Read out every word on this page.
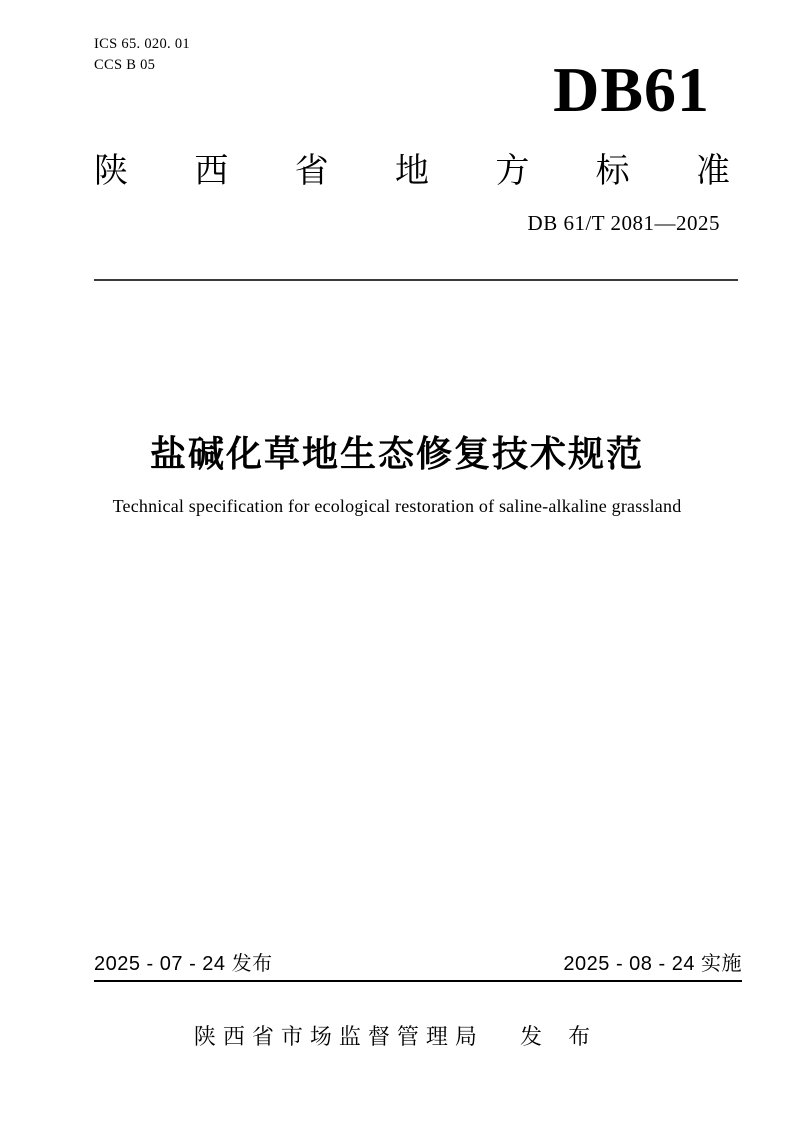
ICS 65. 020. 01
CCS B 05	DB61
陕 西 省 地 方 标 准
DB 61/T 2081—2025
盐碱化草地生态修复技术规范
Technical specification for ecological restoration of saline-alkaline grassland
2025 - 07 - 24 发布	2025 - 08 - 24 实施
陕西省市场监督管理局 发 布
